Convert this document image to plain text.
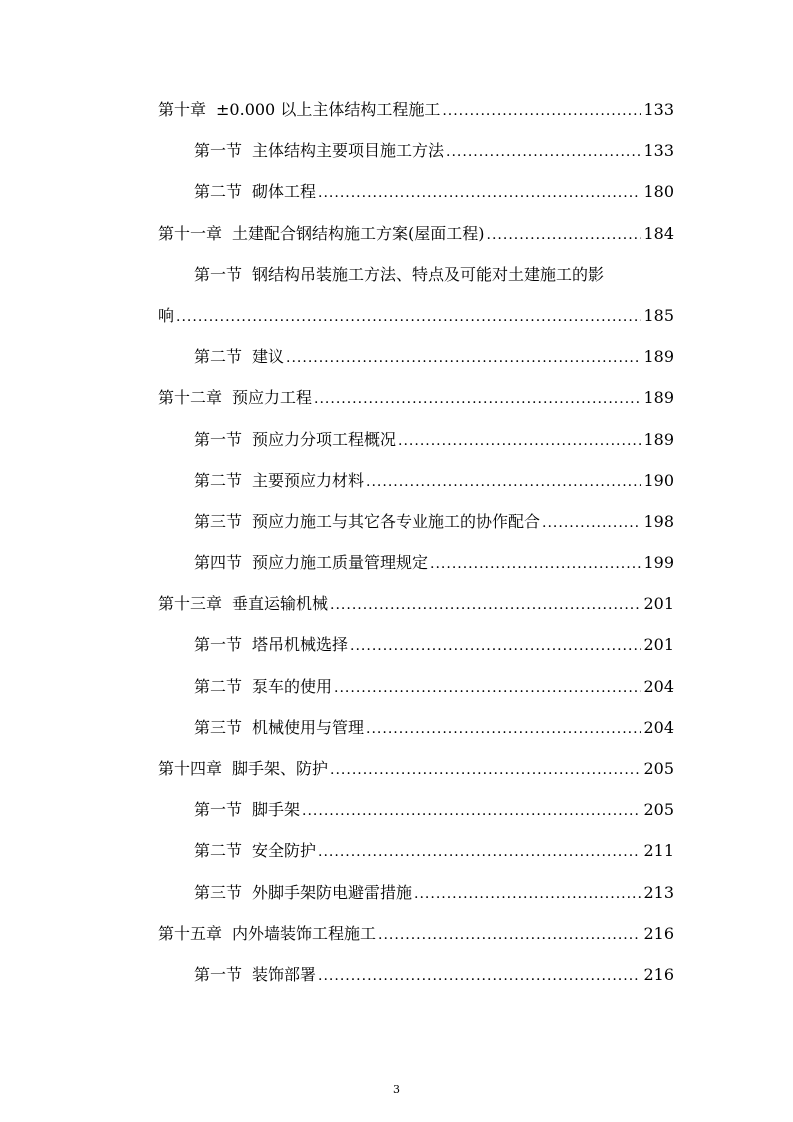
第十章 ±0.000 以上主体结构工程施工 .....	133
第一节 主体结构主要项目施工方法 .....	133
第二节 砌体工程 .....	180
第十一章 土建配合钢结构施工方案(屋面工程) .....	184
第一节 钢结构吊装施工方法、特点及可能对土建施工的影
响 .....	185
第二节 建议 .....	189
第十二章 预应力工程 .....	189
第一节 预应力分项工程概况 .....	189
第二节 主要预应力材料 .....	190
第三节 预应力施工与其它各专业施工的协作配合 .....	198
第四节 预应力施工质量管理规定 .....	199
第十三章 垂直运输机械 .....	201
第一节 塔吊机械选择 .....	201
第二节 泵车的使用 .....	204
第三节 机械使用与管理 .....	204
第十四章 脚手架、防护 .....	205
第一节 脚手架 .....	205
第二节 安全防护 .....	211
第三节 外脚手架防电避雷措施 .....	213
第十五章 内外墙装饰工程施工 .....	216
第一节 装饰部署 .....	216
3
